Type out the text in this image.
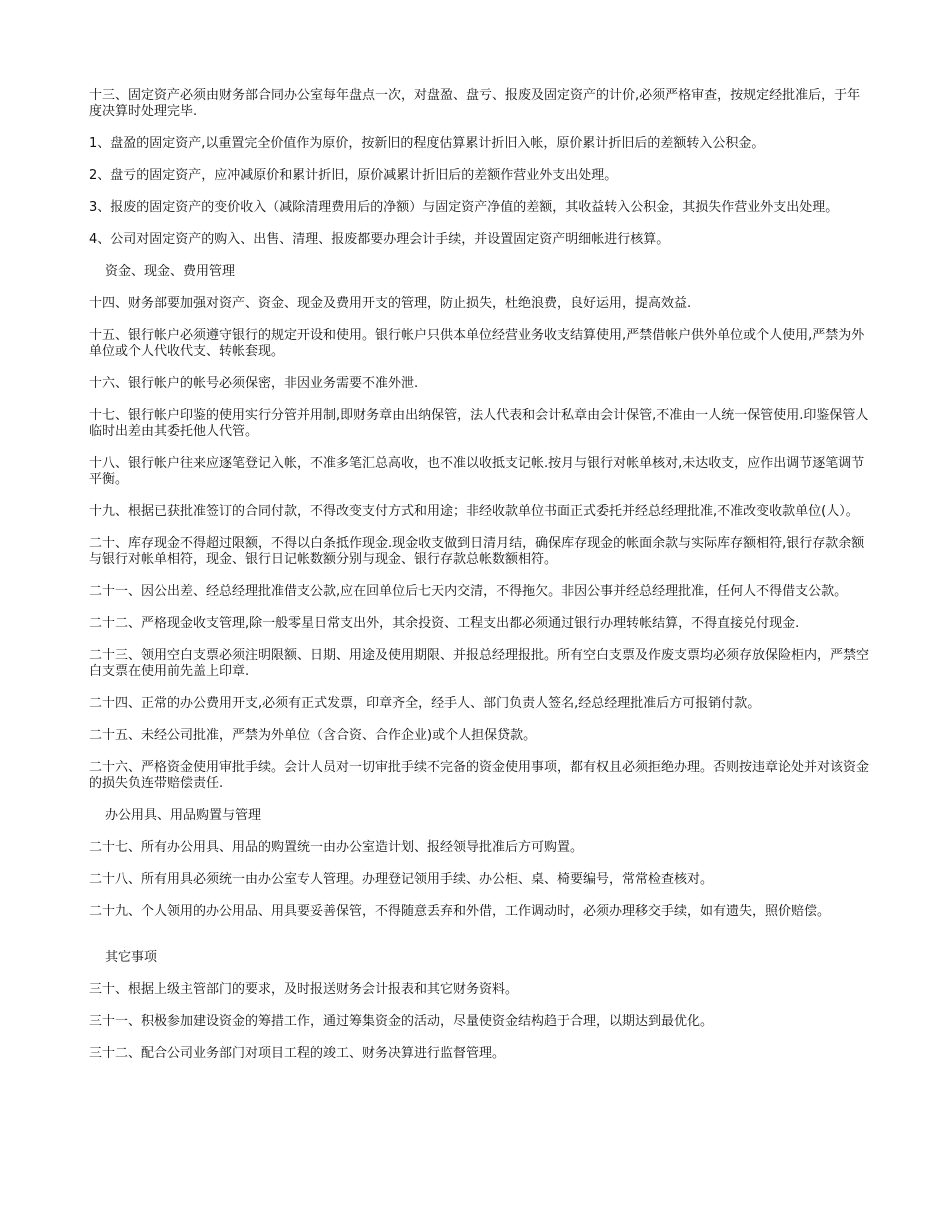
十三、固定资产必须由财务部合同办公室每年盘点一次，对盘盈、盘亏、报废及固定资产的计价,必须严格审查，按规定经批准后，于年度决算时处理完毕.

1、盘盈的固定资产,以重置完全价值作为原价，按新旧的程度估算累计折旧入帐，原价累计折旧后的差额转入公积金。

2、盘亏的固定资产，应冲减原价和累计折旧，原价减累计折旧后的差额作营业外支出处理。

3、报废的固定资产的变价收入（减除清理费用后的净额）与固定资产净值的差额，其收益转入公积金，其损失作营业外支出处理。

4、公司对固定资产的购入、出售、清理、报废都要办理会计手续，并设置固定资产明细帐进行核算。

资金、现金、费用管理

十四、财务部要加强对资产、资金、现金及费用开支的管理，防止损失，杜绝浪费，良好运用，提高效益.

十五、银行帐户必须遵守银行的规定开设和使用。银行帐户只供本单位经营业务收支结算使用,严禁借帐户供外单位或个人使用,严禁为外单位或个人代收代支、转帐套现。

十六、银行帐户的帐号必须保密，非因业务需要不准外泄.

十七、银行帐户印鉴的使用实行分管并用制,即财务章由出纳保管，法人代表和会计私章由会计保管,不准由一人统一保管使用.印鉴保管人临时出差由其委托他人代管。

十八、银行帐户往来应逐笔登记入帐，不准多笔汇总高收，也不准以收抵支记帐.按月与银行对帐单核对,未达收支，应作出调节逐笔调节平衡。

十九、根据已获批准签订的合同付款，不得改变支付方式和用途；非经收款单位书面正式委托并经总经理批准,不准改变收款单位(人）。

二十、库存现金不得超过限额，不得以白条抵作现金.现金收支做到日清月结，确保库存现金的帐面余款与实际库存额相符,银行存款余额与银行对帐单相符，现金、银行日记帐数额分别与现金、银行存款总帐数额相符。

二十一、因公出差、经总经理批准借支公款,应在回单位后七天内交清，不得拖欠。非因公事并经总经理批准，任何人不得借支公款。

二十二、严格现金收支管理,除一般零星日常支出外，其余投资、工程支出都必须通过银行办理转帐结算，不得直接兑付现金.

二十三、领用空白支票必须注明限额、日期、用途及使用期限、并报总经理报批。所有空白支票及作废支票均必须存放保险柜内，严禁空白支票在使用前先盖上印章.

二十四、正常的办公费用开支,必须有正式发票，印章齐全，经手人、部门负责人签名,经总经理批准后方可报销付款。

二十五、未经公司批准，严禁为外单位（含合资、合作企业)或个人担保贷款。

二十六、严格资金使用审批手续。会计人员对一切审批手续不完备的资金使用事项，都有权且必须拒绝办理。否则按违章论处并对该资金的损失负连带赔偿责任.

办公用具、用品购置与管理

二十七、所有办公用具、用品的购置统一由办公室造计划、报经领导批准后方可购置。

二十八、所有用具必须统一由办公室专人管理。办理登记领用手续、办公柜、桌、椅要编号，常常检查核对。

二十九、个人领用的办公用品、用具要妥善保管，不得随意丢弃和外借，工作调动时，必须办理移交手续，如有遗失，照价赔偿。

其它事项

三十、根据上级主管部门的要求，及时报送财务会计报表和其它财务资料。

三十一、积极参加建设资金的筹措工作，通过筹集资金的活动，尽量使资金结构趋于合理，以期达到最优化。

三十二、配合公司业务部门对项目工程的竣工、财务决算进行监督管理。
